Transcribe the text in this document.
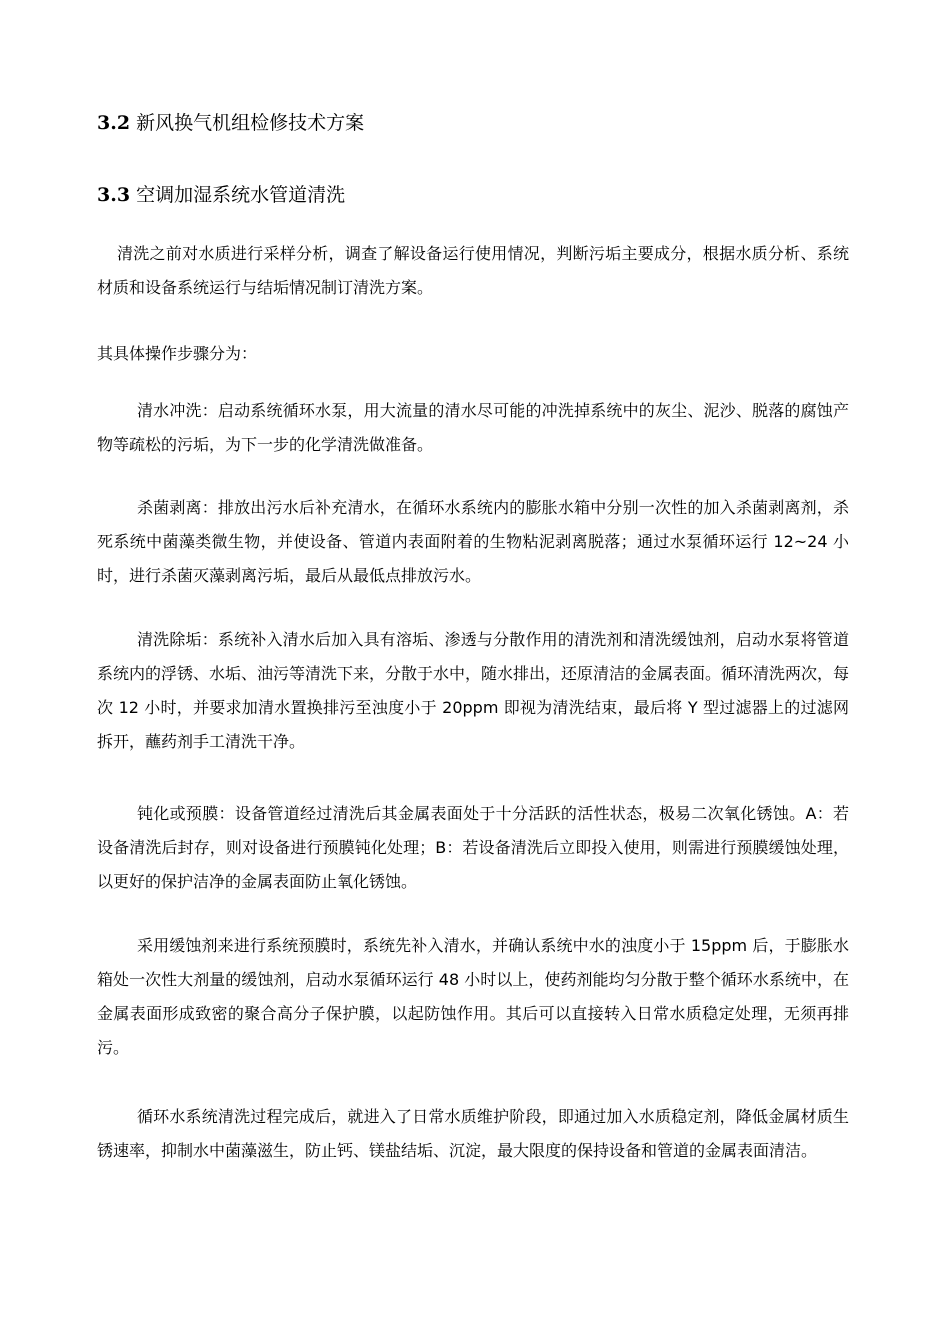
3.2 新风换气机组检修技术方案
3.3 空调加湿系统水管道清洗

清洗之前对水质进行采样分析，调查了解设备运行使用情况，判断污垢主要成分，根据水质分析、系统材质和设备系统运行与结垢情况制订清洗方案。

其具体操作步骤分为：

清水冲洗：启动系统循环水泵，用大流量的清水尽可能的冲洗掉系统中的灰尘、泥沙、脱落的腐蚀产物等疏松的污垢，为下一步的化学清洗做准备。

杀菌剥离：排放出污水后补充清水，在循环水系统内的膨胀水箱中分别一次性的加入杀菌剥离剂，杀死系统中菌藻类微生物，并使设备、管道内表面附着的生物粘泥剥离脱落；通过水泵循环运行 12~24 小时，进行杀菌灭藻剥离污垢，最后从最低点排放污水。

清洗除垢：系统补入清水后加入具有溶垢、渗透与分散作用的清洗剂和清洗缓蚀剂，启动水泵将管道系统内的浮锈、水垢、油污等清洗下来，分散于水中，随水排出，还原清洁的金属表面。循环清洗两次，每次 12 小时，并要求加清水置换排污至浊度小于 20ppm 即视为清洗结束，最后将 Y 型过滤器上的过滤网拆开，蘸药剂手工清洗干净。

钝化或预膜：设备管道经过清洗后其金属表面处于十分活跃的活性状态，极易二次氧化锈蚀。A：若设备清洗后封存，则对设备进行预膜钝化处理；B：若设备清洗后立即投入使用，则需进行预膜缓蚀处理，以更好的保护洁净的金属表面防止氧化锈蚀。

采用缓蚀剂来进行系统预膜时，系统先补入清水，并确认系统中水的浊度小于 15ppm 后，于膨胀水箱处一次性大剂量的缓蚀剂，启动水泵循环运行 48 小时以上，使药剂能均匀分散于整个循环水系统中，在金属表面形成致密的聚合高分子保护膜，以起防蚀作用。其后可以直接转入日常水质稳定处理，无须再排污。

循环水系统清洗过程完成后，就进入了日常水质维护阶段，即通过加入水质稳定剂，降低金属材质生锈速率，抑制水中菌藻滋生，防止钙、镁盐结垢、沉淀，最大限度的保持设备和管道的金属表面清洁。
